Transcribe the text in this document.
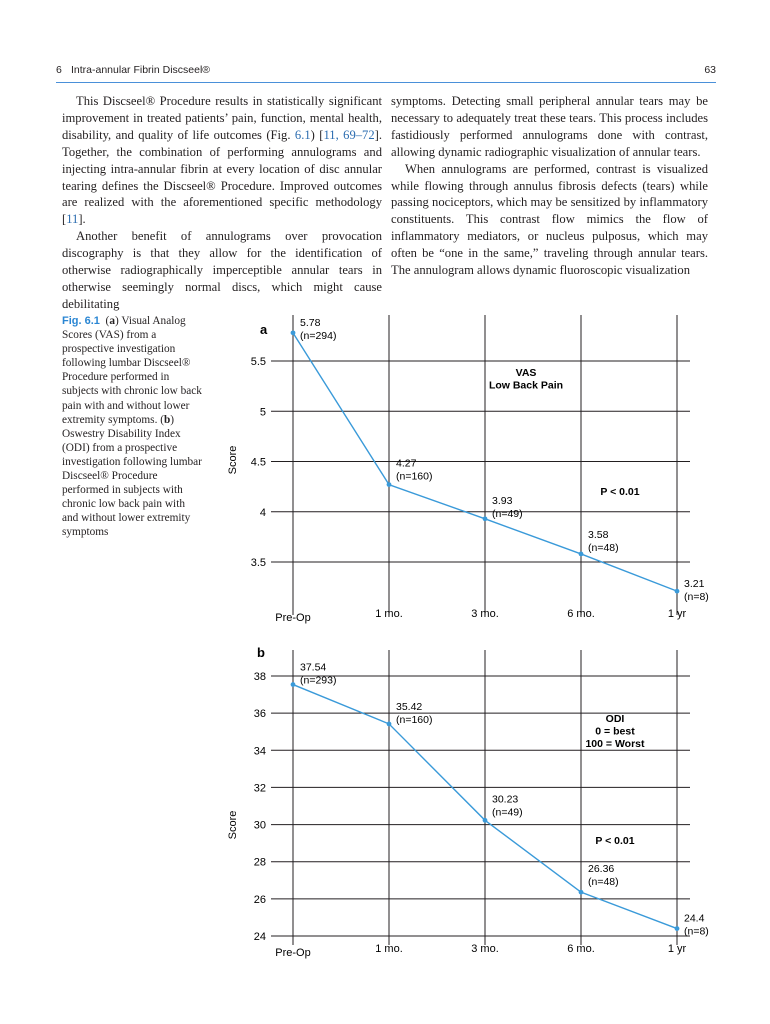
6 Intra-annular Fibrin Discseel®	63

This Discseel® Procedure results in statistically significant improvement in treated patients’ pain, function, mental health, disability, and quality of life outcomes (Fig. 6.1) [11, 69–72]. Together, the combination of performing annulograms and injecting intra-annular fibrin at every location of disc annular tearing defines the Discseel® Procedure. Improved outcomes are realized with the aforementioned specific methodology [11].

Another benefit of annulograms over provocation discography is that they allow for the identification of otherwise radiographically imperceptible annular tears in otherwise seemingly normal discs, which might cause debilitating

symptoms. Detecting small peripheral annular tears may be necessary to adequately treat these tears. This process includes fastidiously performed annulograms done with contrast, allowing dynamic radiographic visualization of annular tears.

When annulograms are performed, contrast is visualized while flowing through annulus fibrosis defects (tears) while passing nociceptors, which may be sensitized by inflammatory constituents. This contrast flow mimics the flow of inflammatory mediators, or nucleus pulposus, which may often be “one in the same,” traveling through annular tears. The annulogram allows dynamic fluoroscopic visualization

Fig. 6.1  (a) Visual Analog Scores (VAS) from a prospective investigation following lumbar Discseel® Procedure performed in subjects with chronic low back pain with and without lower extremity symptoms. (b) Oswestry Disability Index (ODI) from a prospective investigation following lumbar Discseel® Procedure performed in subjects with chronic low back pain with and without lower extremity symptoms
3.5
4
4.5
5
5.5
Pre-Op	1 mo.	3 mo.	6 mo.	1 yr
Score
a	5.78
(n=294)
4.27
(n=160)
3.93
(n=49)
3.58
(n=48)
3.21
(n=8)
VAS
Low Back Pain
P < 0.01
24
26
28
30
32
34
36
38
Pre-Op	1 mo.	3 mo.	6 mo.	1 yr
Score
b
37.54
(n=293)
35.42
(n=160)
30.23
(n=49)
26.36
(n=48)
24.4
(n=8)
ODI
0 = best
100 = Worst
P < 0.01
